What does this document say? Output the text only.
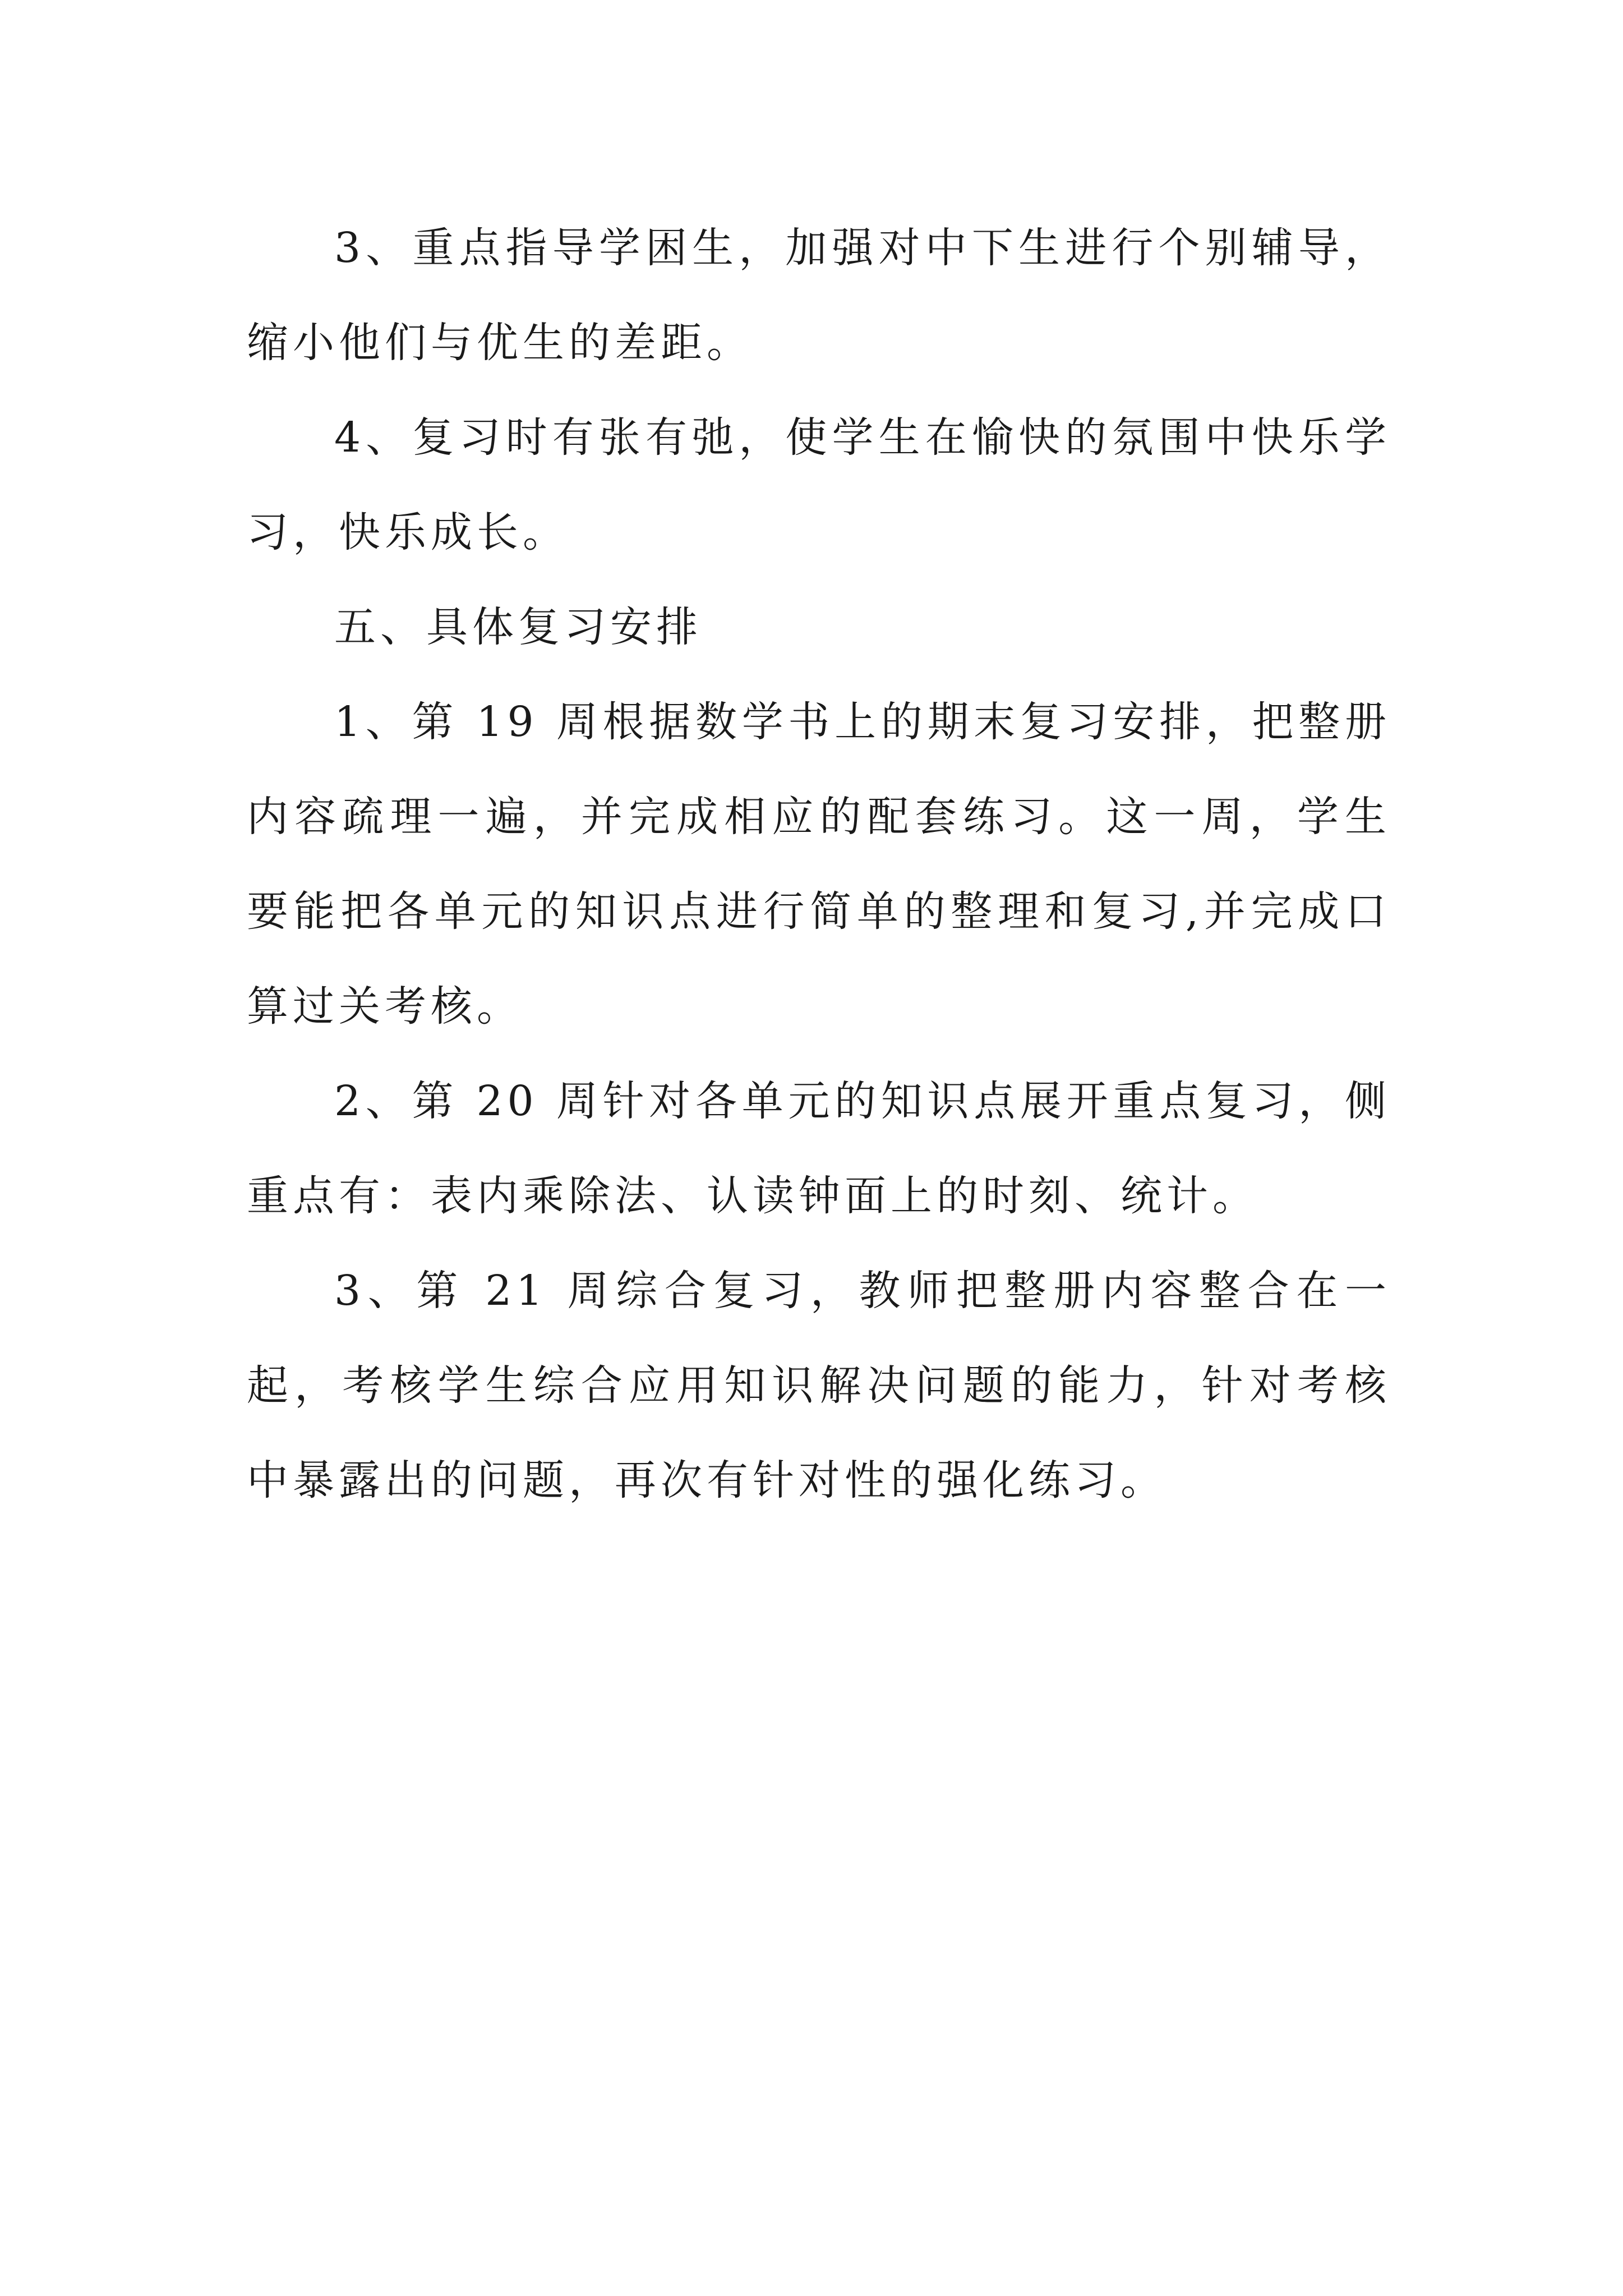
3、重点指导学困生，加强对中下生进行个别辅导，缩小他们与优生的差距。

4、复习时有张有弛，使学生在愉快的氛围中快乐学习，快乐成长。

五、具体复习安排

1、第 19 周根据数学书上的期末复习安排，把整册内容疏理一遍，并完成相应的配套练习。这一周，学生要能把各单元的知识点进行简单的整理和复习,并完成口算过关考核。

2、第 20 周针对各单元的知识点展开重点复习，侧重点有：表内乘除法、认读钟面上的时刻、统计。

3、第 21 周综合复习，教师把整册内容整合在一起，考核学生综合应用知识解决问题的能力，针对考核中暴露出的问题，再次有针对性的强化练习。
